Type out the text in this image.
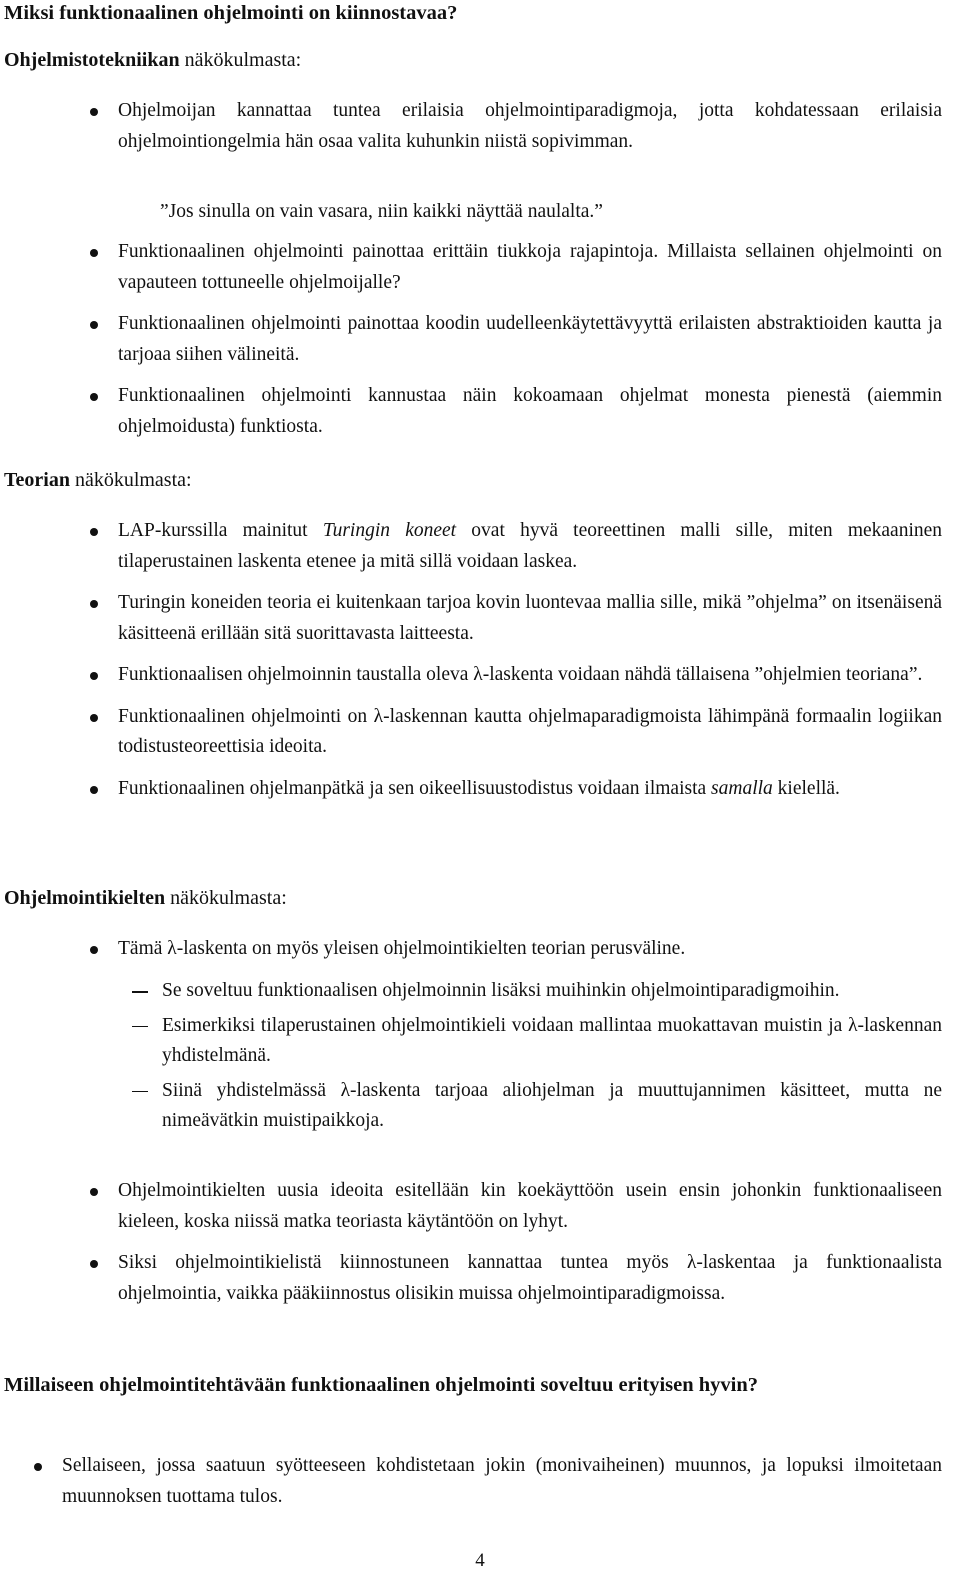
Miksi funktionaalinen ohjelmointi on kiinnostavaa?

Ohjelmistotekniikan näkökulmasta:

Ohjelmoijan kannattaa tuntea erilaisia ohjelmointiparadigmoja, jotta kohdatessaan erilaisia ohjelmointiongelmia hän osaa valita kuhunkin niistä sopivimman.
”Jos sinulla on vain vasara, niin kaikki näyttää naulalta.”
Funktionaalinen ohjelmointi painottaa erittäin tiukkoja rajapintoja. Millaista sellainen ohjelmointi on vapauteen tottuneelle ohjelmoijalle?
Funktionaalinen ohjelmointi painottaa koodin uudelleenkäytettävyyttä erilaisten abstraktioiden kautta ja tarjoaa siihen välineitä.
Funktionaalinen ohjelmointi kannustaa näin kokoamaan ohjelmat monesta pienestä (aiemmin ohjelmoidusta) funktiosta.

Teorian näkökulmasta:

LAP-kurssilla mainitut Turingin koneet ovat hyvä teoreettinen malli sille, miten mekaaninen tilaperustainen laskenta etenee ja mitä sillä voidaan laskea.
Turingin koneiden teoria ei kuitenkaan tarjoa kovin luontevaa mallia sille, mikä ”ohjelma” on itsenäisenä käsitteenä erillään sitä suorittavasta laitteesta.
Funktionaalisen ohjelmoinnin taustalla oleva λ-laskenta voidaan nähdä tällaisena ”ohjelmien teoriana”.
Funktionaalinen ohjelmointi on λ-laskennan kautta ohjelmaparadigmoista lähimpänä formaalin logiikan todistusteoreettisia ideoita.
Funktionaalinen ohjelmanpätkä ja sen oikeellisuustodistus voidaan ilmaista samalla kielellä.

Ohjelmointikielten näkökulmasta:

Tämä λ-laskenta on myös yleisen ohjelmointikielten teorian perusväline.
Se soveltuu funktionaalisen ohjelmoinnin lisäksi muihinkin ohjelmointiparadigmoihin.
Esimerkiksi tilaperustainen ohjelmointikieli voidaan mallintaa muokattavan muistin ja λ-laskennan yhdistelmänä.
Siinä yhdistelmässä λ-laskenta tarjoaa aliohjelman ja muuttujannimen käsitteet, mutta ne nimeävätkin muistipaikkoja.
Ohjelmointikielten uusia ideoita esitellään kin koekäyttöön usein ensin johonkin funktionaaliseen kieleen, koska niissä matka teoriasta käytäntöön on lyhyt.
Siksi ohjelmointikielistä kiinnostuneen kannattaa tuntea myös λ-laskentaa ja funktionaalista ohjelmointia, vaikka pääkiinnostus olisikin muissa ohjelmointiparadigmoissa.
Millaiseen ohjelmointitehtävään funktionaalinen ohjelmointi soveltuu erityisen hyvin?
Sellaiseen, jossa saatuun syötteeseen kohdistetaan jokin (monivaiheinen) muunnos, ja lopuksi ilmoitetaan muunnoksen tuottama tulos.
4
